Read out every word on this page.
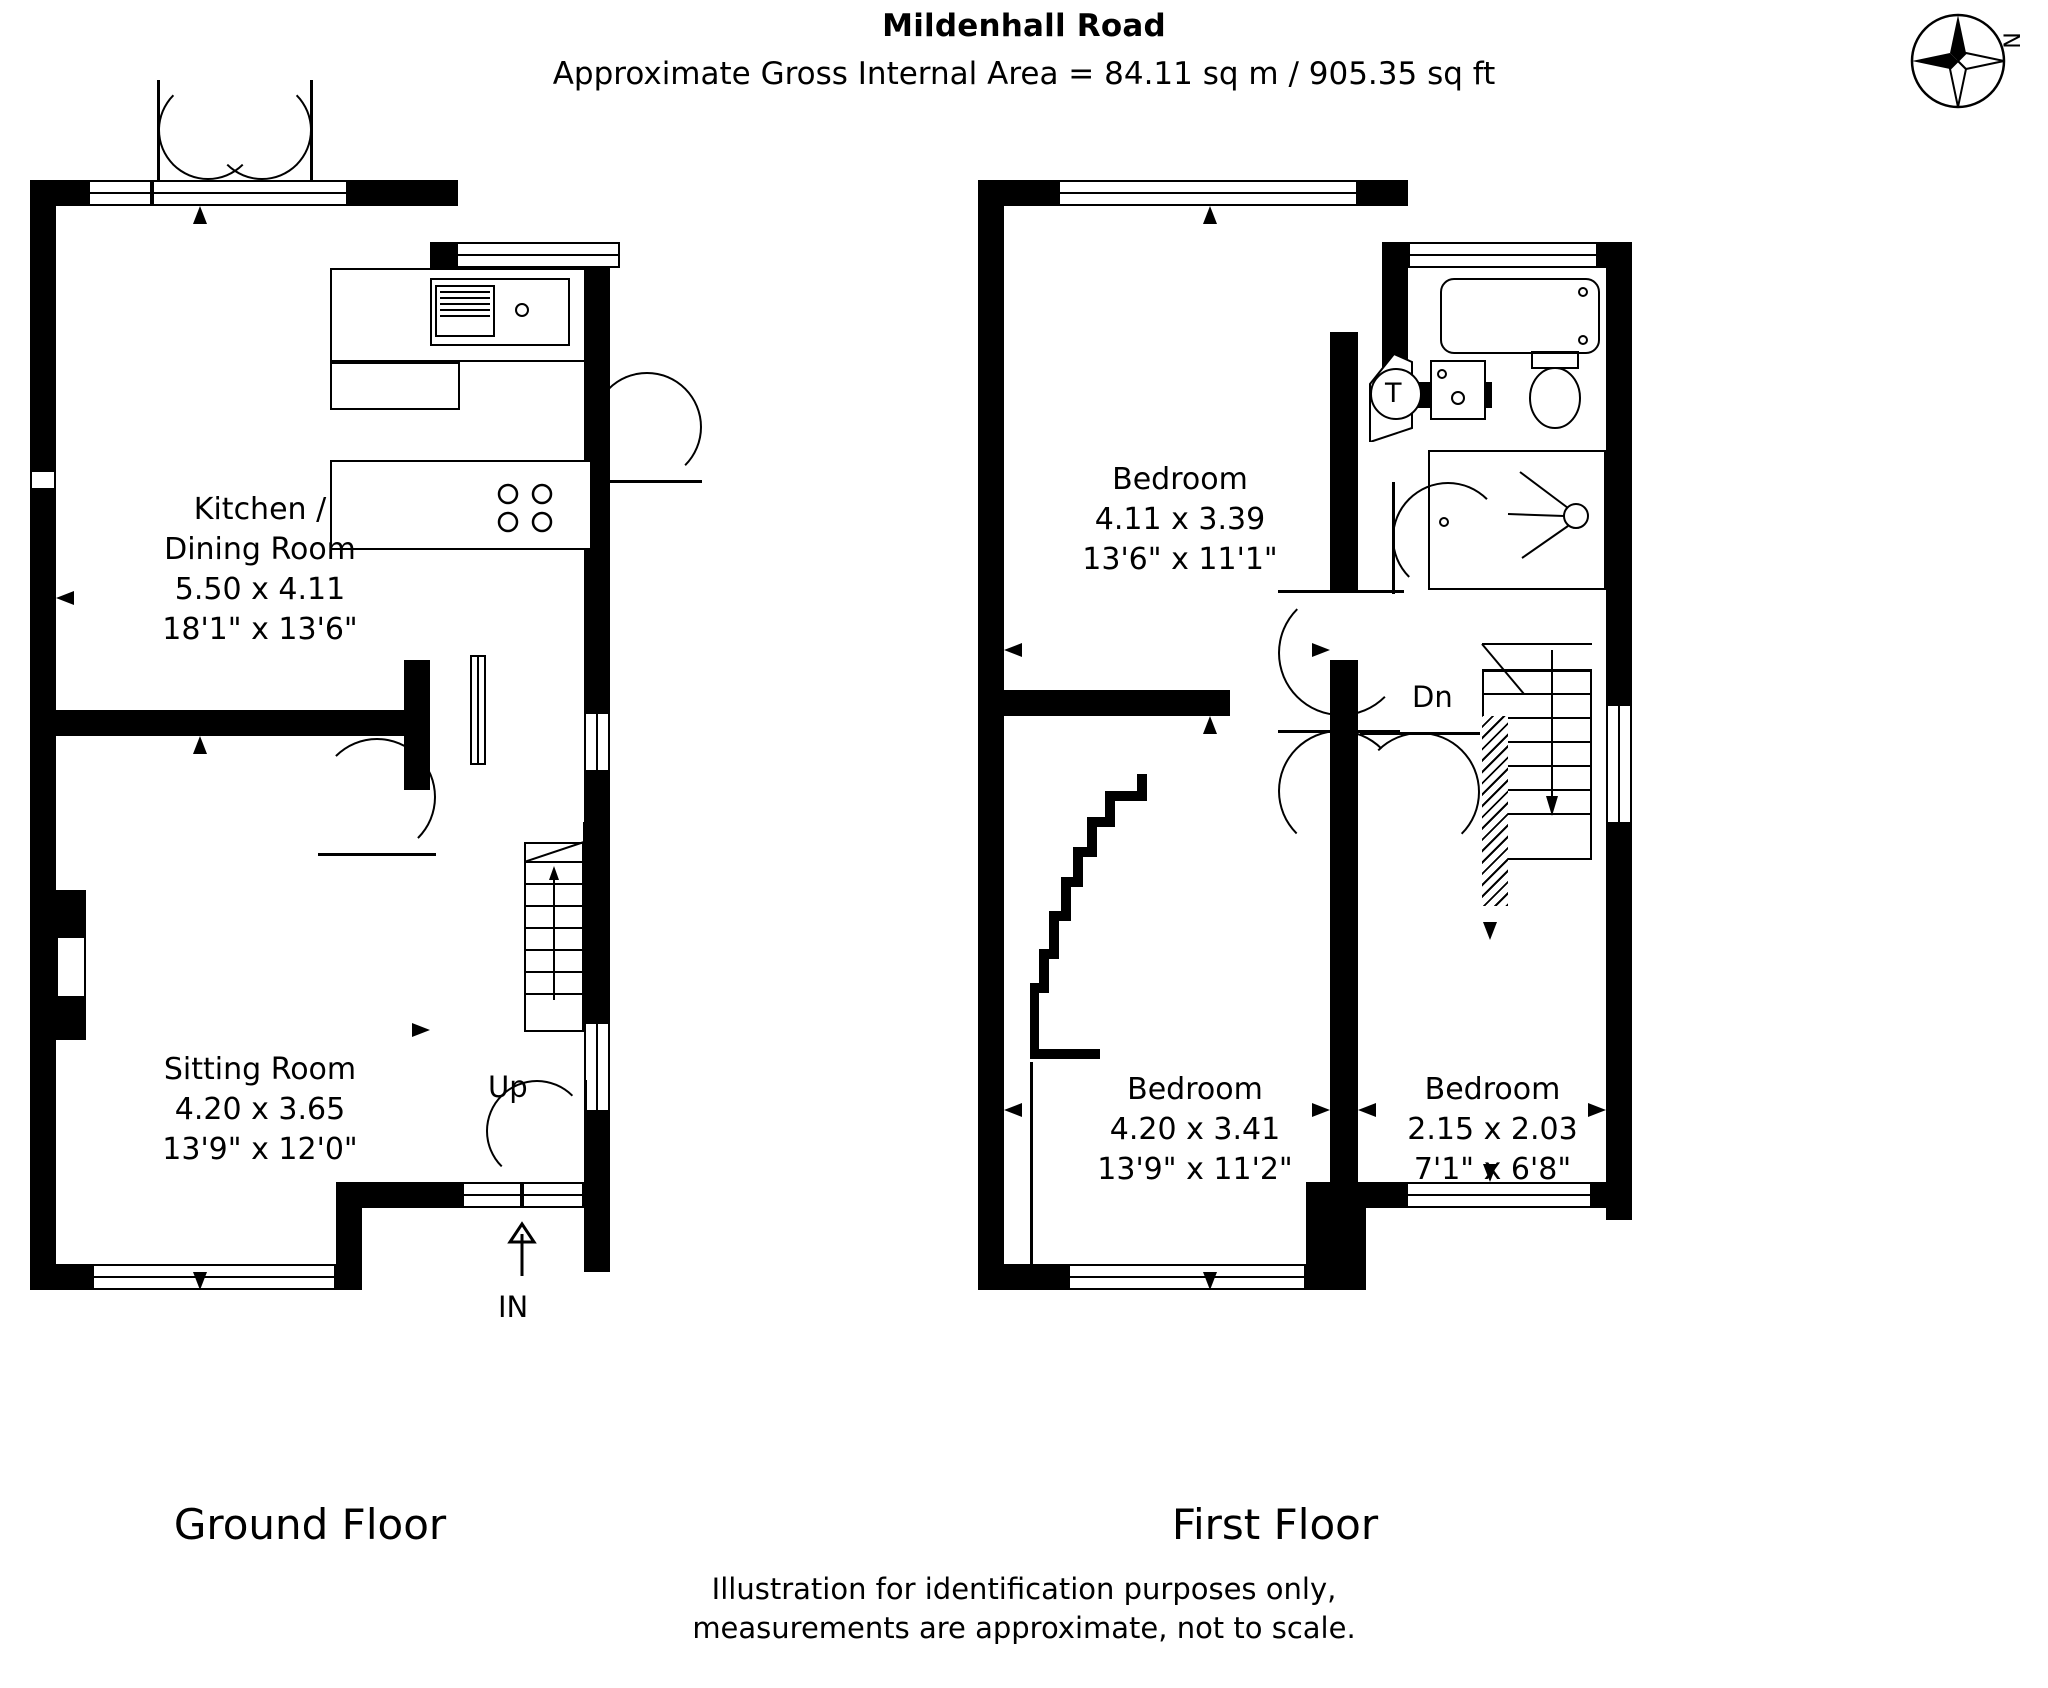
Mildenhall Road
Approximate Gross Internal Area = 84.11 sq m / 905.35 sq ft
N
Kitchen /
Dining Room
5.50 x 4.11
18'1" x 13'6"
Sitting Room
4.20 x 3.65
13'9" x 12'0"
Up
IN
Ground Floor
T
Dn
Bedroom
4.11 x 3.39
13'6" x 11'1"
Bedroom
4.20 x 3.41
13'9" x 11'2"
Bedroom
2.15 x 2.03
7'1" x 6'8"
First Floor
Illustration for identification purposes only,
measurements are approximate, not to scale.
